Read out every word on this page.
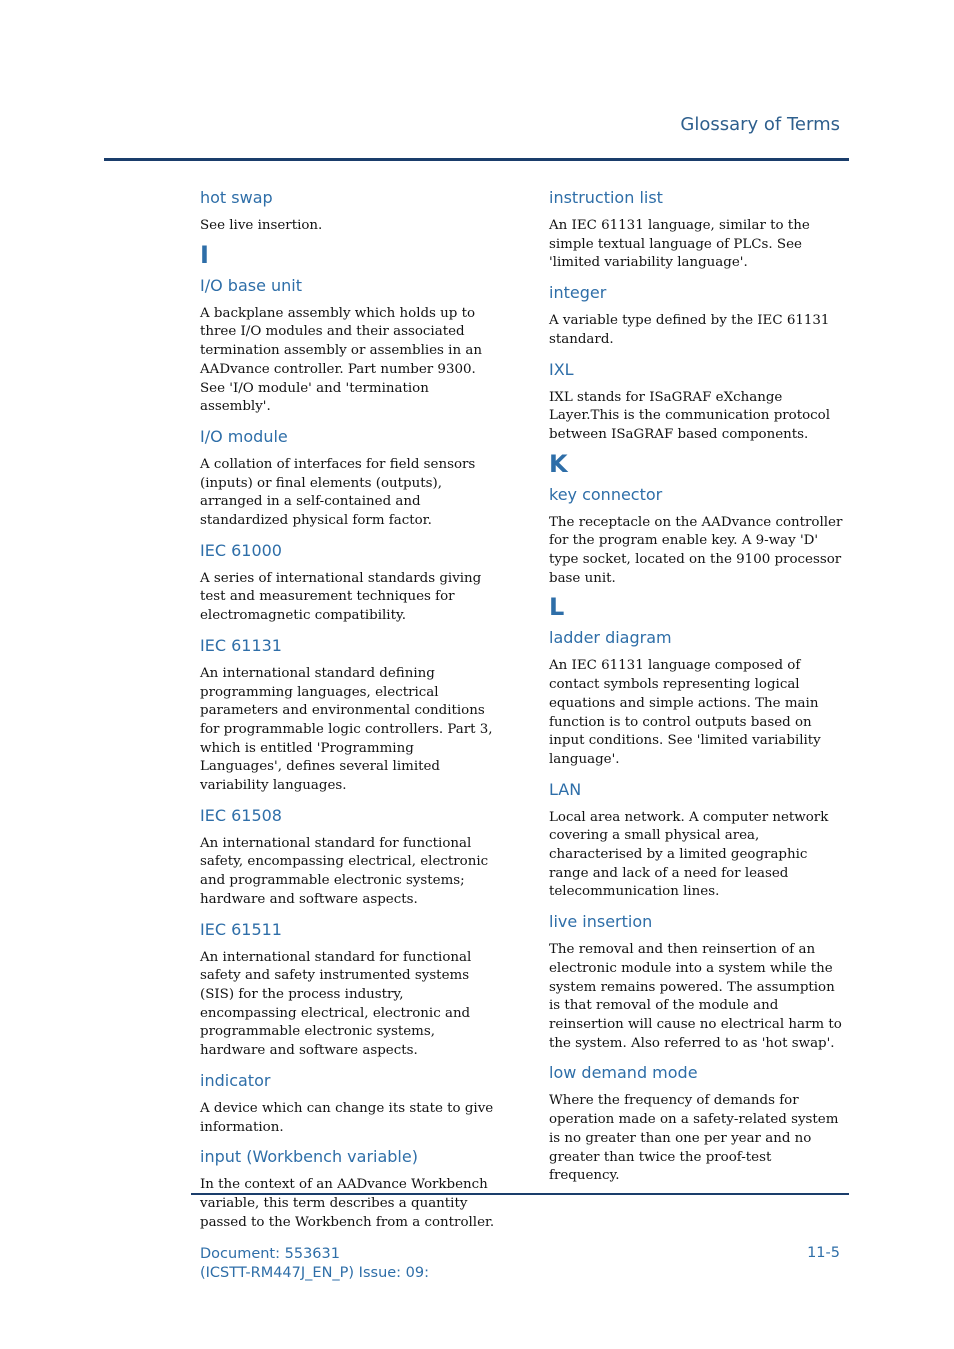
Glossary of Terms
hot swap

See live insertion.

I
I/O base unit

A backplane assembly which holds up to three I/O modules and their associated termination assembly or assemblies in an AADvance controller. Part number 9300. See 'I/O module' and 'termination assembly'.

I/O module

A collation of interfaces for field sensors (inputs) or final elements (outputs), arranged in a self-contained and standardized physical form factor.

IEC 61000

A series of international standards giving test and measurement techniques for electromagnetic compatibility.

IEC 61131

An international standard defining programming languages, electrical parameters and environmental conditions for programmable logic controllers. Part 3, which is entitled 'Programming Languages', defines several limited variability languages.

IEC 61508

An international standard for functional safety, encompassing electrical, electronic and programmable electronic systems; hardware and software aspects.

IEC 61511

An international standard for functional safety and safety instrumented systems (SIS) for the process industry, encompassing electrical, electronic and programmable electronic systems, hardware and software aspects.

indicator

A device which can change its state to give information.

input (Workbench variable)

In the context of an AADvance Workbench variable, this term describes a quantity passed to the Workbench from a controller.

instruction list

An IEC 61131 language, similar to the simple textual language of PLCs. See 'limited variability language'.

integer

A variable type defined by the IEC 61131 standard.

IXL

IXL stands for ISaGRAF eXchange Layer.This is the communication protocol between ISaGRAF based components.

K
key connector

The receptacle on the AADvance controller for the program enable key. A 9-way 'D' type socket, located on the 9100 processor base unit.

L
ladder diagram

An IEC 61131 language composed of contact symbols representing logical equations and simple actions. The main function is to control outputs based on input conditions. See 'limited variability language'.

LAN

Local area network. A computer network covering a small physical area, characterised by a limited geographic range and lack of a need for leased telecommunication lines.

live insertion

The removal and then reinsertion of an electronic module into a system while the system remains powered. The assumption is that removal of the module and reinsertion will cause no electrical harm to the system. Also referred to as 'hot swap'.

low demand mode

Where the frequency of demands for operation made on a safety-related system is no greater than one per year and no greater than twice the proof-test frequency.

Document: 553631
(ICSTT-RM447J_EN_P) Issue: 09:
11-5
